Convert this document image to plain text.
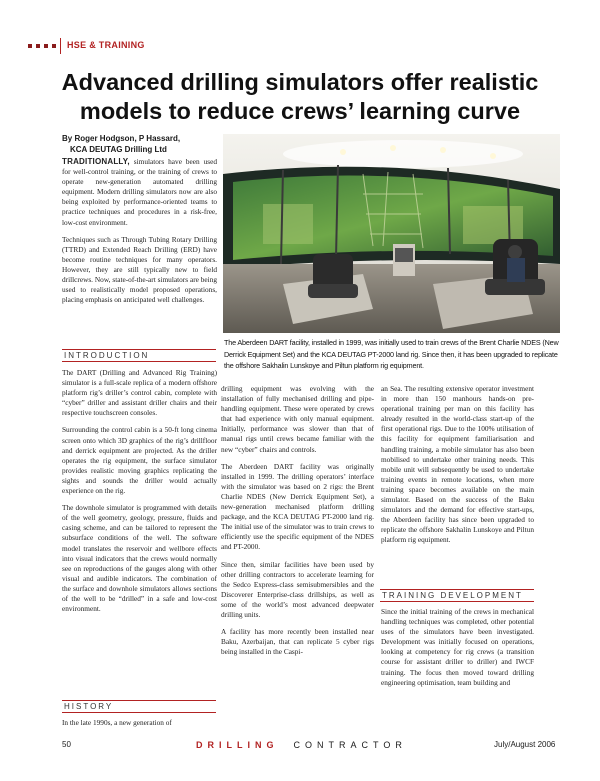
HSE & TRAINING
Advanced drilling simulators offer realistic models to reduce crews’ learning curve
By Roger Hodgson, P Hassard,
KCA DEUTAG Drilling Ltd

TRADITIONALLY, simulators have been used for well-control training, or the training of crews to operate new-generation automated drilling equipment. Modern drilling simulators now are also being exploited by performance-oriented teams to practice techniques and procedures in a risk-free, low-cost environment.

Techniques such as Through Tubing Rotary Drilling (TTRD) and Extended Reach Drilling (ERD) have become routine techniques for many operators. However, they are still typically new to field drillcrews. Now, state-of-the-art simulators are being used to realistically model proposed operations, placing emphasis on anticipated well challenges.

INTRODUCTION

The DART (Drilling and Advanced Rig Training) simulator is a full-scale replica of a modern offshore platform rig’s driller’s control cabin, complete with “cyber” driller and assistant driller chairs and their respective touchscreen consoles.

Surrounding the control cabin is a 50-ft long cinema screen onto which 3D graphics of the rig’s drillfloor and derrick equipment are projected. As the driller operates the rig equipment, the surface simulator provides realistic moving graphics replicating the sights and sounds the driller would actually experience on the rig.

The downhole simulator is programmed with details of the well geometry, geology, pressure, fluids and casing scheme, and can be tailored to represent the subsurface conditions of the well. The software model translates the reservoir and wellbore effects into visual indicators that the crews would normally see on reproductions of the gauges along with other visual and audible indicators. The combination of the surface and downhole simulators allows sections of the well to be “drilled” in a safe and low-cost environment.

HISTORY

In the late 1990s, a new generation of

The Aberdeen DART facility, installed in 1999, was initially used to train crews of the Brent Charlie NDES (New Derrick Equipment Set) and the KCA DEUTAG PT-2000 land rig. Since then, it has been upgraded to replicate the offshore Sakhalin Lunskoye and Piltun platform rig equipment.

drilling equipment was evolving with the installation of fully mechanised drilling and pipe-handling equipment. These were operated by crews that had experience with only manual equipment. Initially, performance was slower than that of manual rigs until crews became familiar with the new “cyber” chairs and controls.

The Aberdeen DART facility was originally installed in 1999. The drilling operators’ interface with the simulator was based on 2 rigs: the Brent Charlie NDES (New Derrick Equipment Set), a new-generation mechanised platform drilling package, and the KCA DEUTAG PT-2000 land rig. The initial use of the simulator was to train crews to efficiently use the specific equipment of the NDES and PT-2000.

Since then, similar facilities have been used by other drilling contractors to accelerate learning for the Sedco Express-class semisubmersibles and the Discoverer Enterprise-class drillships, as well as some of the world’s most advanced deepwater drilling units.

A facility has more recently been installed near Baku, Azerbaijan, that can replicate 5 cyber rigs being installed in the Caspi-

an Sea. The resulting extensive operator investment in more than 150 manhours hands-on pre-operational training per man on this facility has already resulted in the world-class start-up of the first operational rigs. Due to the 100% utilisation of this facility for equipment familiarisation and handling training, a mobile simulator has also been mobilised to undertake other training needs. This mobile unit will subsequently be used to undertake training events in remote locations, when more training space becomes available on the main simulator. Based on the success of the Baku simulators and the demand for effective start-ups, the Aberdeen facility has since been upgraded to replicate the offshore Sakhalin Lunskoye and Piltun platform rig equipment.

TRAINING DEVELOPMENT

Since the initial training of the crews in mechanical handling techniques was completed, other potential uses of the simulators have been investigated. Development was initially focused on operations, looking at competency for rig crews (a transition course for assistant driller to driller) and IWCF training. The focus then moved toward drilling engineering optimisation, team building and

50	DRILLING CONTRACTOR	July/August 2006
